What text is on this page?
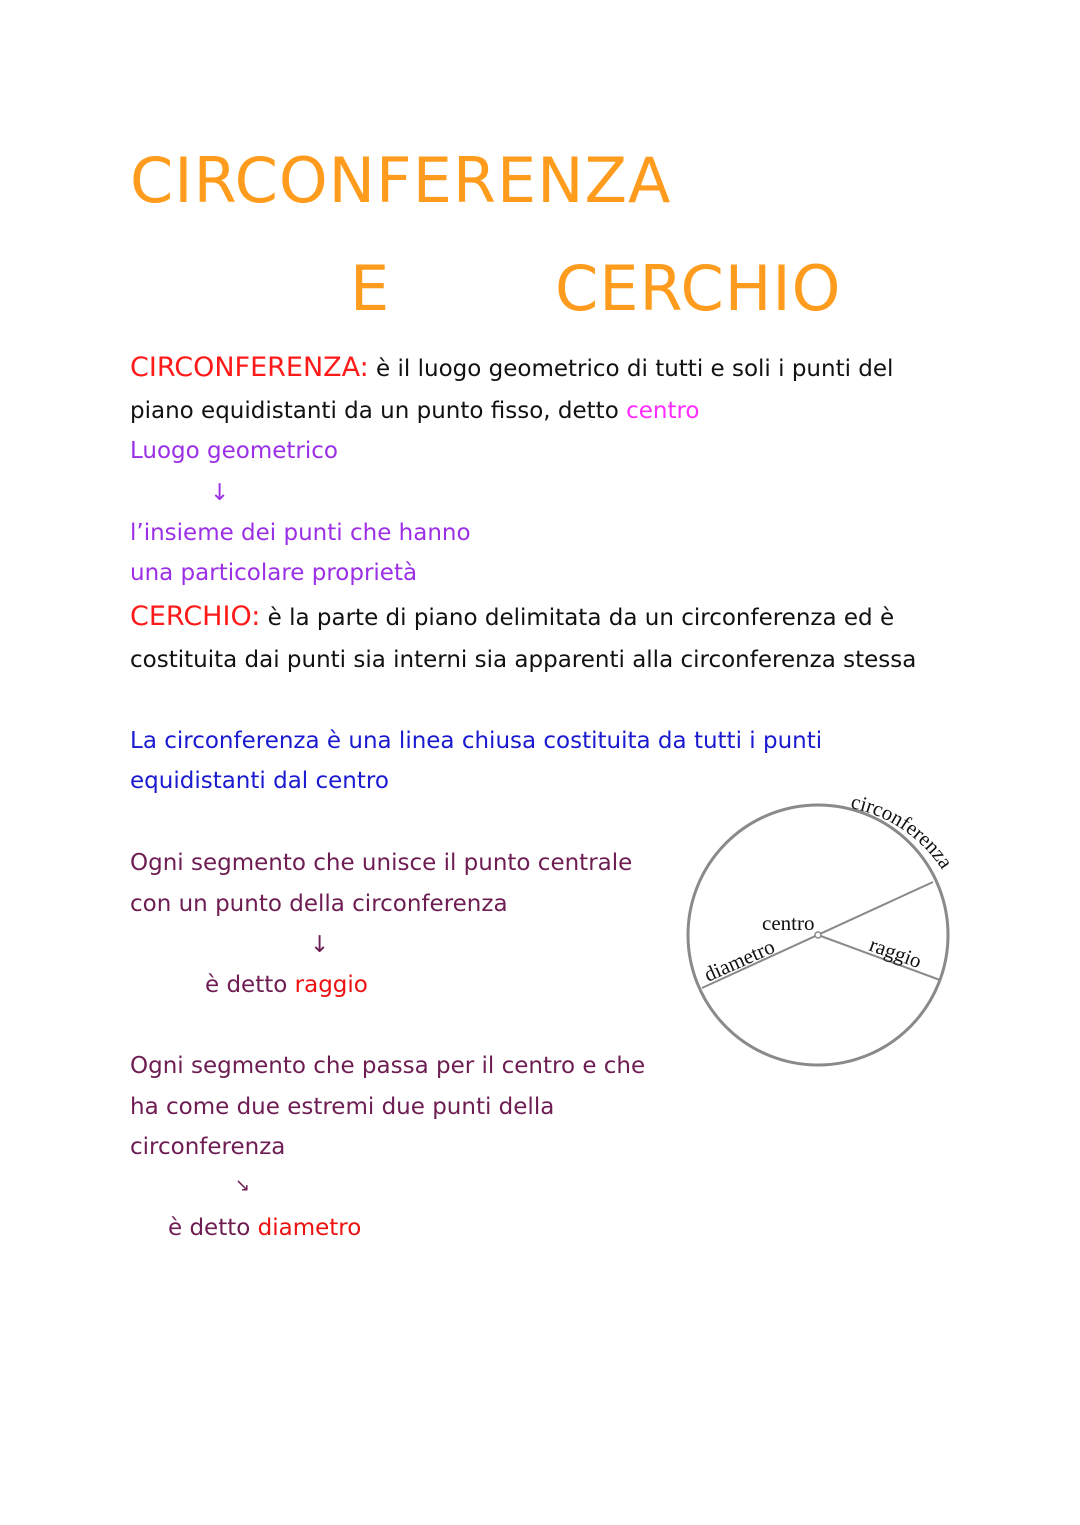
CIRCONFERENZA
E	CERCHIO
CIRCONFERENZA: è il luogo geometrico di tutti e soli i punti del
piano equidistanti da un punto fisso, detto centro
Luogo geometrico
↓
l’insieme dei punti che hanno
una particolare proprietà
CERCHIO: è la parte di piano delimitata da un circonferenza ed è
costituita dai punti sia interni sia apparenti alla circonferenza stessa
La circonferenza è una linea chiusa costituita da tutti i punti
equidistanti dal centro
Ogni segmento che unisce il punto centrale
con un punto della circonferenza
↓
è detto raggio
Ogni segmento che passa per il centro e che
ha come due estremi due punti della
circonferenza
↘
è detto diametro
circonferenza
centro
diametro	raggio
